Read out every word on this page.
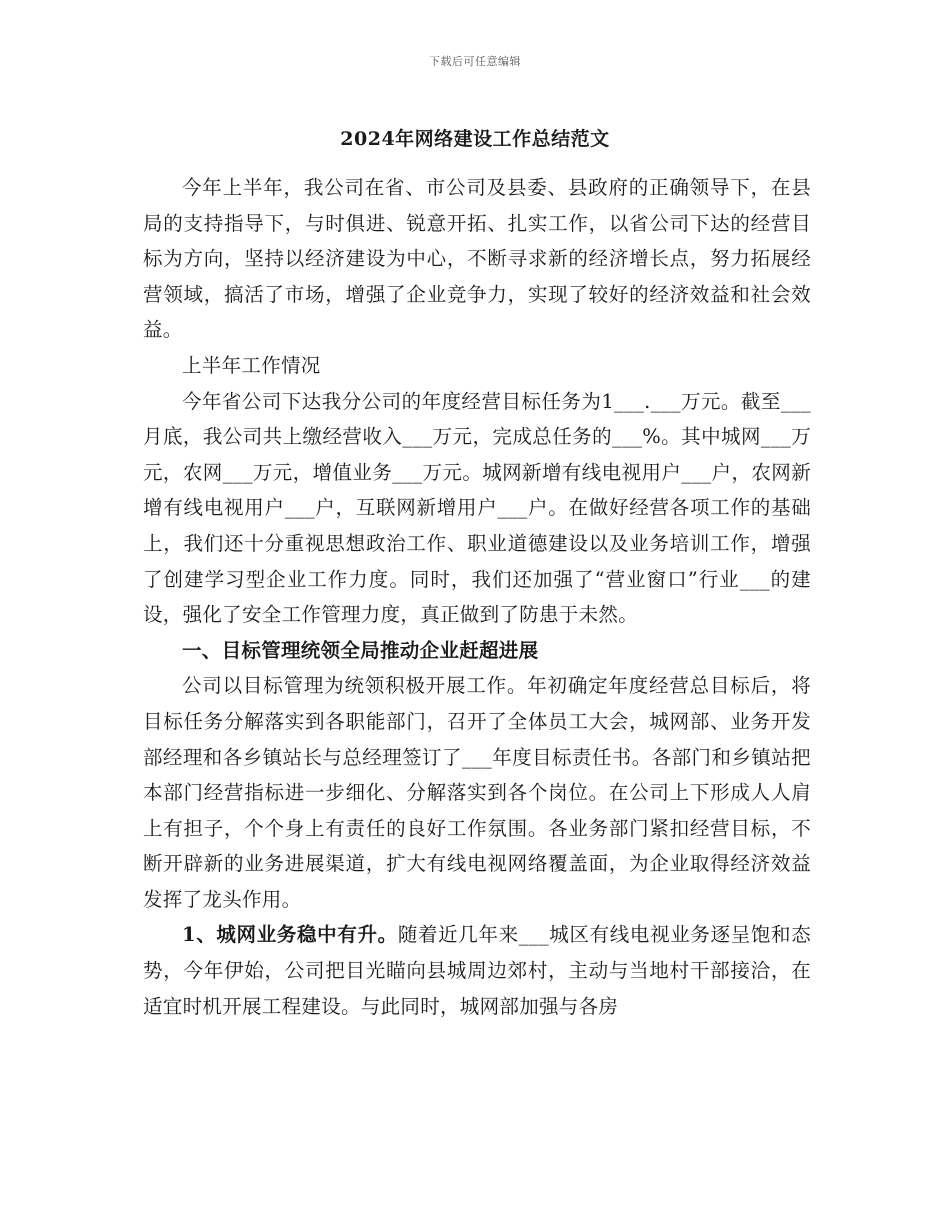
下载后可任意编辑
2024年网络建设工作总结范文

今年上半年，我公司在省、市公司及县委、县政府的正确领导下，在县局的支持指导下，与时俱进、锐意开拓、扎实工作，以省公司下达的经营目标为方向，坚持以经济建设为中心，不断寻求新的经济增长点，努力拓展经营领域，搞活了市场，增强了企业竞争力，实现了较好的经济效益和社会效益。

上半年工作情况

今年省公司下达我分公司的年度经营目标任务为1___.___万元。截至___月底，我公司共上缴经营收入___万元，完成总任务的___%。其中城网___万元，农网___万元，增值业务___万元。城网新增有线电视用户___户，农网新增有线电视用户___户，互联网新增用户___户。在做好经营各项工作的基础上，我们还十分重视思想政治工作、职业道德建设以及业务培训工作，增强了创建学习型企业工作力度。同时，我们还加强了“营业窗口”行业___的建设，强化了安全工作管理力度，真正做到了防患于未然。

一、目标管理统领全局推动企业赶超进展

公司以目标管理为统领积极开展工作。年初确定年度经营总目标后，将目标任务分解落实到各职能部门，召开了全体员工大会，城网部、业务开发部经理和各乡镇站长与总经理签订了___年度目标责任书。各部门和乡镇站把本部门经营指标进一步细化、分解落实到各个岗位。在公司上下形成人人肩上有担子，个个身上有责任的良好工作氛围。各业务部门紧扣经营目标，不断开辟新的业务进展渠道，扩大有线电视网络覆盖面，为企业取得经济效益发挥了龙头作用。

1、城网业务稳中有升。随着近几年来___城区有线电视业务逐呈饱和态势，今年伊始，公司把目光瞄向县城周边郊村，主动与当地村干部接洽，在适宜时机开展工程建设。与此同时，城网部加强与各房
